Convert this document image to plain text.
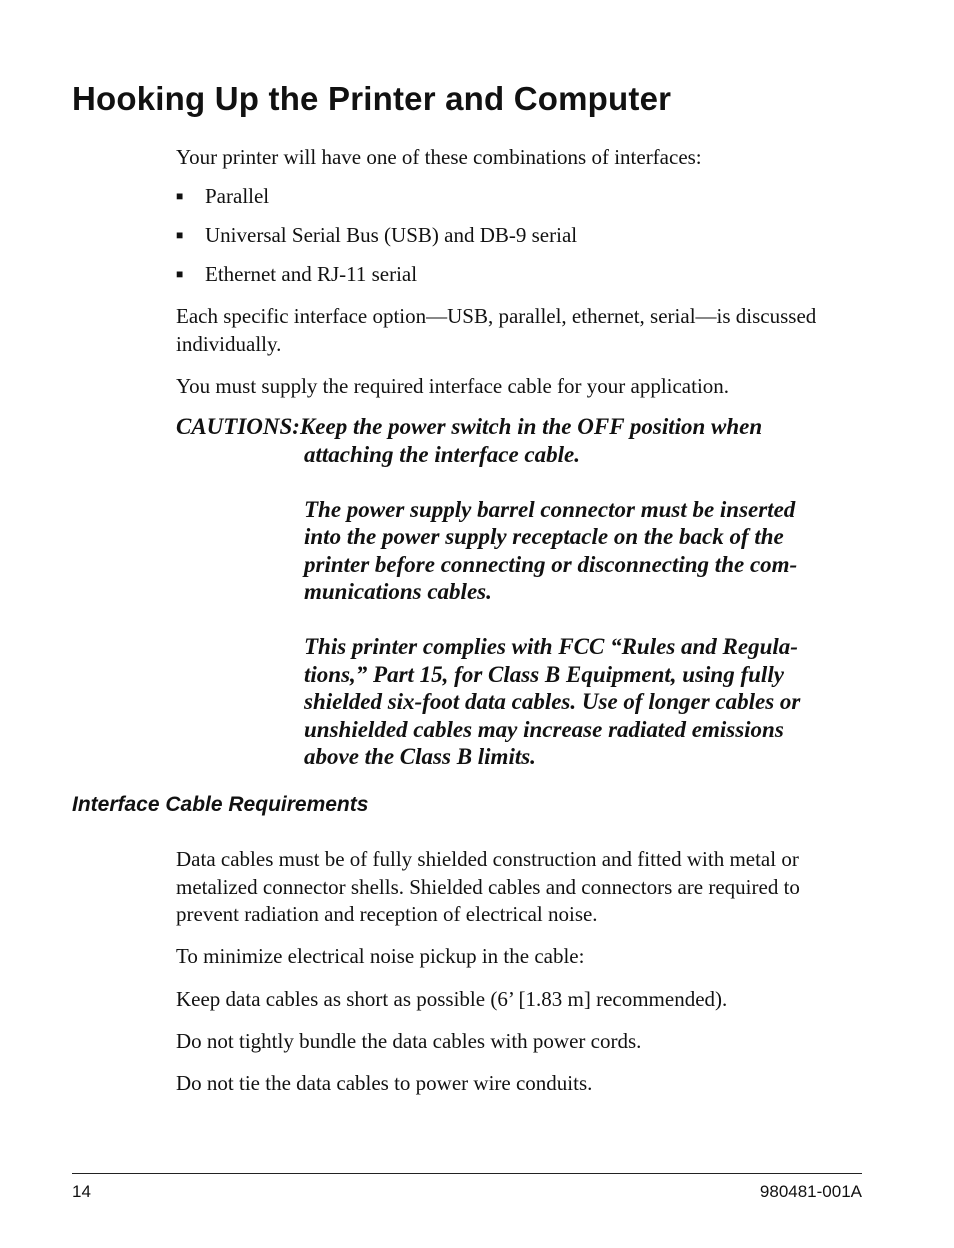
Hooking Up the Printer and Computer

Your printer will have one of these combinations of interfaces:

■ Parallel
■ Universal Serial Bus (USB) and DB-9 serial
■ Ethernet and RJ-11 serial

Each specific interface option—USB, parallel, ethernet, serial—is discussed

individually.

You must supply the required interface cable for your application.

CAUTIONS:Keep the power switch in the OFF position when

attaching the interface cable.

The power supply barrel connector must be inserted

into the power supply receptacle on the back of the

printer before connecting or disconnecting the com-

munications cables.

This printer complies with FCC “Rules and Regula-

tions,” Part 15, for Class B Equipment, using fully

shielded six-foot data cables. Use of longer cables or

unshielded cables may increase radiated emissions

above the Class B limits.

Interface Cable Requirements

Data cables must be of fully shielded construction and fitted with metal or

metalized connector shells. Shielded cables and connectors are required to

prevent radiation and reception of electrical noise.

To minimize electrical noise pickup in the cable:

Keep data cables as short as possible (6’ [1.83 m] recommended).

Do not tightly bundle the data cables with power cords.

Do not tie the data cables to power wire conduits.

14	980481-001A
